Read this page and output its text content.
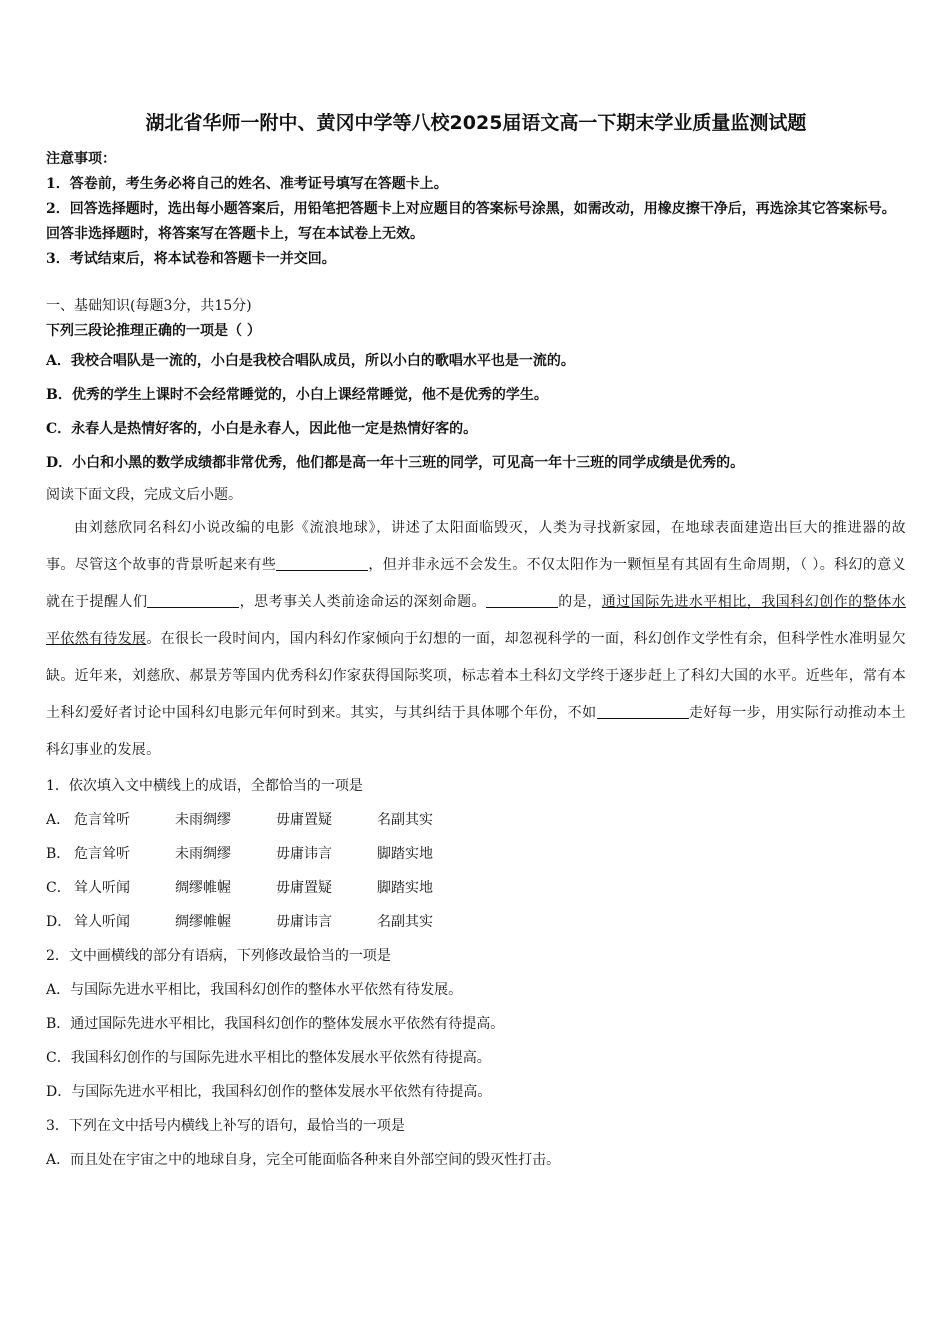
湖北省华师一附中、黄冈中学等八校2025届语文高一下期末学业质量监测试题

注意事项：

1．答卷前，考生务必将自己的姓名、准考证号填写在答题卡上。

2．回答选择题时，选出每小题答案后，用铅笔把答题卡上对应题目的答案标号涂黑，如需改动，用橡皮擦干净后，再选涂其它答案标号。回答非选择题时，将答案写在答题卡上，写在本试卷上无效。

3．考试结束后，将本试卷和答题卡一并交回。

一、基础知识(每题3分，共15分)

下列三段论推理正确的一项是（ ）

A．我校合唱队是一流的，小白是我校合唱队成员，所以小白的歌唱水平也是一流的。

B．优秀的学生上课时不会经常睡觉的，小白上课经常睡觉，他不是优秀的学生。

C．永春人是热情好客的，小白是永春人，因此他一定是热情好客的。

D．小白和小黑的数学成绩都非常优秀，他们都是高一年十三班的同学，可见高一年十三班的同学成绩是优秀的。

阅读下面文段，完成文后小题。

由刘慈欣同名科幻小说改编的电影《流浪地球》，讲述了太阳面临毁灭，人类为寻找新家园，在地球表面建造出巨大的推进器的故事。尽管这个故事的背景听起来有些	，但并非永远不会发生。不仅太阳作为一颗恒星有其固有生命周期，（ ）。科幻的意义就在于提醒人们	，思考事关人类前途命运的深刻命题。	的是，通过国际先进水平相比，我国科幻创作的整体水平依然有待发展。在很长一段时间内，国内科幻作家倾向于幻想的一面，却忽视科学的一面，科幻创作文学性有余，但科学性水准明显欠缺。近年来，刘慈欣、郝景芳等国内优秀科幻作家获得国际奖项，标志着本土科幻文学终于逐步赶上了科幻大国的水平。近些年，常有本土科幻爱好者讨论中国科幻电影元年何时到来。其实，与其纠结于具体哪个年份，不如	走好每一步，用实际行动推动本土科幻事业的发展。

1．依次填入文中横线上的成语，全都恰当的一项是

A． 危言耸听	未雨绸缪	毋庸置疑	名副其实

B． 危言耸听	未雨绸缪	毋庸讳言	脚踏实地

C． 耸人听闻	绸缪帷幄	毋庸置疑	脚踏实地

D． 耸人听闻	绸缪帷幄	毋庸讳言	名副其实

2．文中画横线的部分有语病，下列修改最恰当的一项是

A．与国际先进水平相比，我国科幻创作的整体水平依然有待发展。

B．通过国际先进水平相比，我国科幻创作的整体发展水平依然有待提高。

C．我国科幻创作的与国际先进水平相比的整体发展水平依然有待提高。

D．与国际先进水平相比，我国科幻创作的整体发展水平依然有待提高。

3．下列在文中括号内横线上补写的语句，最恰当的一项是

A．而且处在宇宙之中的地球自身，完全可能面临各种来自外部空间的毁灭性打击。
